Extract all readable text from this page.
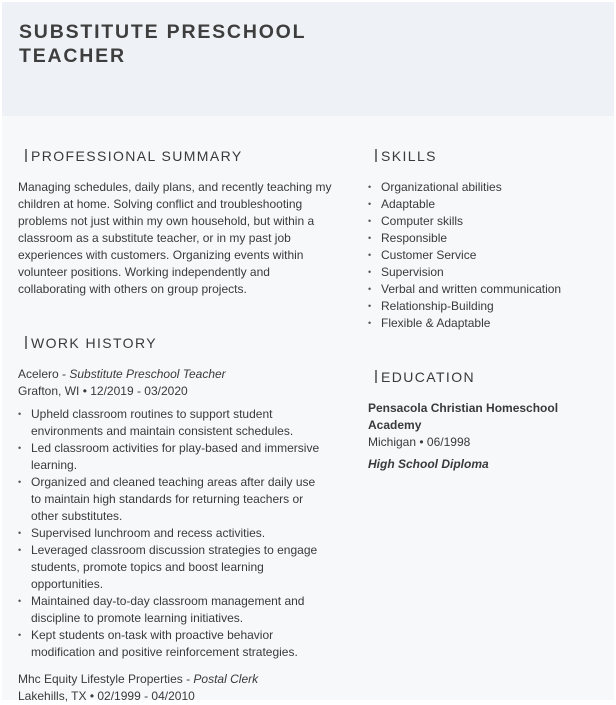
SUBSTITUTE PRESCHOOL TEACHER
PROFESSIONAL SUMMARY
Managing schedules, daily plans, and recently teaching my children at home. Solving conflict and troubleshooting problems not just within my own household, but within a classroom as a substitute teacher, or in my past job experiences with customers. Organizing events within volunteer positions. Working independently and collaborating with others on group projects.
WORK HISTORY
Acelero - Substitute Preschool Teacher
Grafton, WI • 12/2019 - 03/2020
• Upheld classroom routines to support student environments and maintain consistent schedules.
• Led classroom activities for play-based and immersive learning.
• Organized and cleaned teaching areas after daily use to maintain high standards for returning teachers or other substitutes.
• Supervised lunchroom and recess activities.
• Leveraged classroom discussion strategies to engage students, promote topics and boost learning opportunities.
• Maintained day-to-day classroom management and discipline to promote learning initiatives.
• Kept students on-task with proactive behavior modification and positive reinforcement strategies.
Mhc Equity Lifestyle Properties - Postal Clerk
Lakehills, TX • 02/1999 - 04/2010
SKILLS
• Organizational abilities
• Adaptable
• Computer skills
• Responsible
• Customer Service
• Supervision
• Verbal and written communication
• Relationship-Building
• Flexible & Adaptable
EDUCATION
Pensacola Christian Homeschool Academy
Michigan • 06/1998
High School Diploma
